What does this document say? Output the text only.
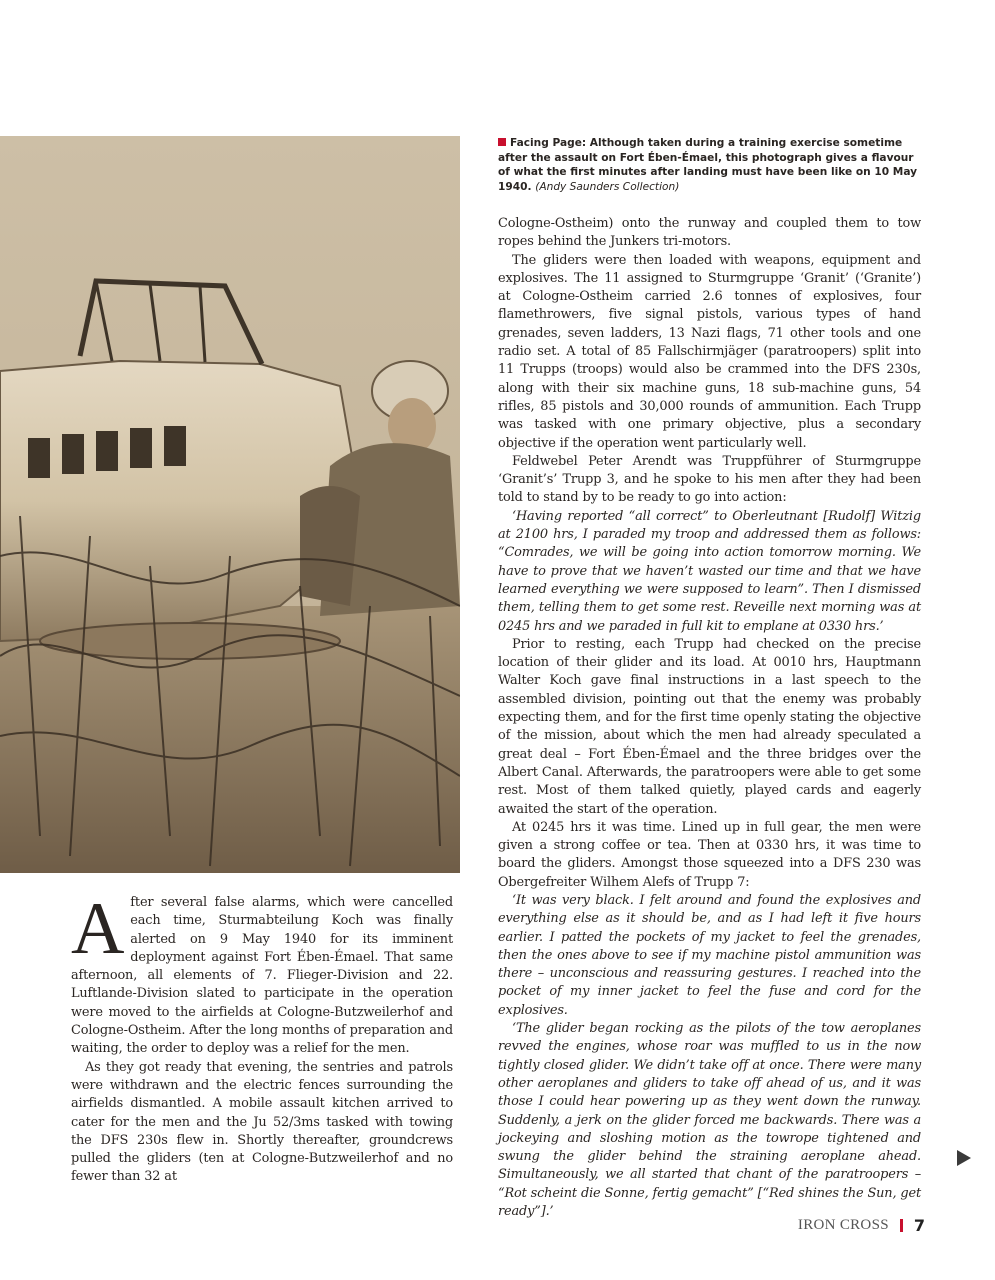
Facing Page: Although taken during a training exercise sometime after the assault on Fort Ében-Émael, this photograph gives a flavour of what the first minutes after landing must have been like on 10 May 1940. (Andy Saunders Collection)
A fter several false alarms, which were cancelled each time, Sturmabteilung Koch was finally alerted on 9 May 1940 for its imminent deployment against Fort Ében-Émael. That same afternoon, all elements of 7. Flieger-Division and 22. Luftlande-Division slated to participate in the operation were moved to the airfields at Cologne-Butzweilerhof and Cologne-Ostheim. After the long months of preparation and waiting, the order to deploy was a relief for the men.

As they got ready that evening, the sentries and patrols were withdrawn and the electric fences surrounding the airfields dismantled. A mobile assault kitchen arrived to cater for the men and the Ju 52/3ms tasked with towing the DFS 230s flew in. Shortly thereafter, groundcrews pulled the gliders (ten at Cologne-Butzweilerhof and no fewer than 32 at

Cologne-Ostheim) onto the runway and coupled them to tow ropes behind the Junkers tri-motors.

The gliders were then loaded with weapons, equipment and explosives. The 11 assigned to Sturmgruppe ‘Granit’ (‘Granite’) at Cologne-Ostheim carried 2.6 tonnes of explosives, four flamethrowers, five signal pistols, various types of hand grenades, seven ladders, 13 Nazi flags, 71 other tools and one radio set. A total of 85 Fallschirmjäger (paratroopers) split into 11 Trupps (troops) would also be crammed into the DFS 230s, along with their six machine guns, 18 sub-machine guns, 54 rifles, 85 pistols and 30,000 rounds of ammunition. Each Trupp was tasked with one primary objective, plus a secondary objective if the operation went particularly well.

Feldwebel Peter Arendt was Truppführer of Sturmgruppe ‘Granit’s’ Trupp 3, and he spoke to his men after they had been told to stand by to be ready to go into action:

‘Having reported “all correct” to Oberleutnant [Rudolf] Witzig at 2100 hrs, I paraded my troop and addressed them as follows: “Comrades, we will be going into action tomorrow morning. We have to prove that we haven’t wasted our time and that we have learned everything we were supposed to learn”. Then I dismissed them, telling them to get some rest. Reveille next morning was at 0245 hrs and we paraded in full kit to emplane at 0330 hrs.’

Prior to resting, each Trupp had checked on the precise location of their glider and its load. At 0010 hrs, Hauptmann Walter Koch gave final instructions in a last speech to the assembled division, pointing out that the enemy was probably expecting them, and for the first time openly stating the objective of the mission, about which the men had already speculated a great deal – Fort Ében-Émael and the three bridges over the Albert Canal. Afterwards, the paratroopers were able to get some rest. Most of them talked quietly, played cards and eagerly awaited the start of the operation.

At 0245 hrs it was time. Lined up in full gear, the men were given a strong coffee or tea. Then at 0330 hrs, it was time to board the gliders. Amongst those squeezed into a DFS 230 was Obergefreiter Wilhem Alefs of Trupp 7:

‘It was very black. I felt around and found the explosives and everything else as it should be, and as I had left it five hours earlier. I patted the pockets of my jacket to feel the grenades, then the ones above to see if my machine pistol ammunition was there – unconscious and reassuring gestures. I reached into the pocket of my inner jacket to feel the fuse and cord for the explosives.

‘The glider began rocking as the pilots of the tow aeroplanes revved the engines, whose roar was muffled to us in the now tightly closed glider. We didn’t take off at once. There were many other aeroplanes and gliders to take off ahead of us, and it was those I could hear powering up as they went down the runway. Suddenly, a jerk on the glider forced me backwards. There was a jockeying and sloshing motion as the towrope tightened and swung the glider behind the straining aeroplane ahead. Simultaneously, we all started that chant of the paratroopers – “Rot scheint die Sonne, fertig gemacht” [“Red shines the Sun, get ready”].’

IRON CROSS 7
